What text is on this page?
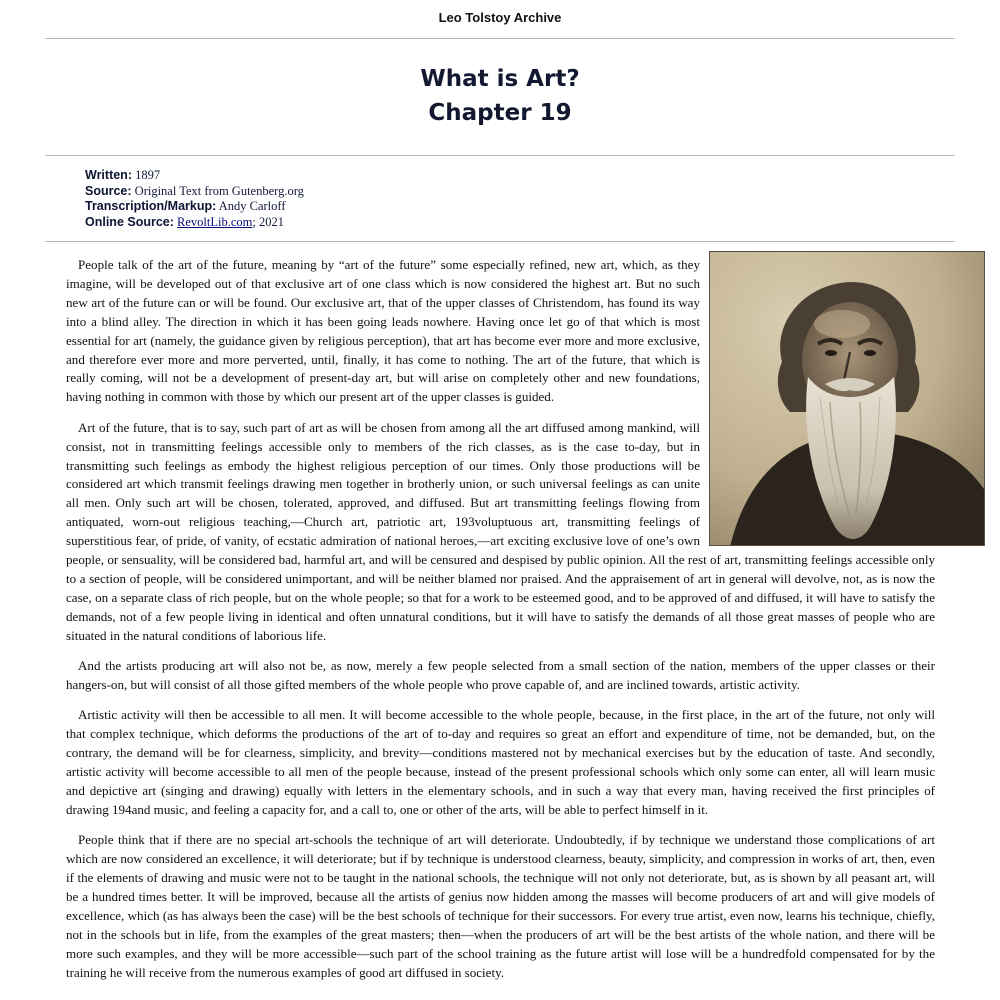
Leo Tolstoy Archive
What is Art?
Chapter 19
Written: 1897
Source: Original Text from Gutenberg.org
Transcription/Markup: Andy Carloff
Online Source: RevoltLib.com; 2021

People talk of the art of the future, meaning by “art of the future” some especially refined, new art, which, as they imagine, will be developed out of that exclusive art of one class which is now considered the highest art. But no such new art of the future can or will be found. Our exclusive art, that of the upper classes of Christendom, has found its way into a blind alley. The direction in which it has been going leads nowhere. Having once let go of that which is most essential for art (namely, the guidance given by religious perception), that art has become ever more and more exclusive, and therefore ever more and more perverted, until, finally, it has come to nothing. The art of the future, that which is really coming, will not be a development of present-day art, but will arise on completely other and new foundations, having nothing in common with those by which our present art of the upper classes is guided.

Art of the future, that is to say, such part of art as will be chosen from among all the art diffused among mankind, will consist, not in transmitting feelings accessible only to members of the rich classes, as is the case to-day, but in transmitting such feelings as embody the highest religious perception of our times. Only those productions will be considered art which transmit feelings drawing men together in brotherly union, or such universal feelings as can unite all men. Only such art will be chosen, tolerated, approved, and diffused. But art transmitting feelings flowing from antiquated, worn-out religious teaching,—Church art, patriotic art, 193voluptuous art, transmitting feelings of superstitious fear, of pride, of vanity, of ecstatic admiration of national heroes,—art exciting exclusive love of one’s own people, or sensuality, will be considered bad, harmful art, and will be censured and despised by public opinion. All the rest of art, transmitting feelings accessible only to a section of people, will be considered unimportant, and will be neither blamed nor praised. And the appraisement of art in general will devolve, not, as is now the case, on a separate class of rich people, but on the whole people; so that for a work to be esteemed good, and to be approved of and diffused, it will have to satisfy the demands, not of a few people living in identical and often unnatural conditions, but it will have to satisfy the demands of all those great masses of people who are situated in the natural conditions of laborious life.

And the artists producing art will also not be, as now, merely a few people selected from a small section of the nation, members of the upper classes or their hangers-on, but will consist of all those gifted members of the whole people who prove capable of, and are inclined towards, artistic activity.

Artistic activity will then be accessible to all men. It will become accessible to the whole people, because, in the first place, in the art of the future, not only will that complex technique, which deforms the productions of the art of to-day and requires so great an effort and expenditure of time, not be demanded, but, on the contrary, the demand will be for clearness, simplicity, and brevity—conditions mastered not by mechanical exercises but by the education of taste. And secondly, artistic activity will become accessible to all men of the people because, instead of the present professional schools which only some can enter, all will learn music and depictive art (singing and drawing) equally with letters in the elementary schools, and in such a way that every man, having received the first principles of drawing 194and music, and feeling a capacity for, and a call to, one or other of the arts, will be able to perfect himself in it.

People think that if there are no special art-schools the technique of art will deteriorate. Undoubtedly, if by technique we understand those complications of art which are now considered an excellence, it will deteriorate; but if by technique is understood clearness, beauty, simplicity, and compression in works of art, then, even if the elements of drawing and music were not to be taught in the national schools, the technique will not only not deteriorate, but, as is shown by all peasant art, will be a hundred times better. It will be improved, because all the artists of genius now hidden among the masses will become producers of art and will give models of excellence, which (as has always been the case) will be the best schools of technique for their successors. For every true artist, even now, learns his technique, chiefly, not in the schools but in life, from the examples of the great masters; then—when the producers of art will be the best artists of the whole nation, and there will be more such examples, and they will be more accessible—such part of the school training as the future artist will lose will be a hundredfold compensated for by the training he will receive from the numerous examples of good art diffused in society.
